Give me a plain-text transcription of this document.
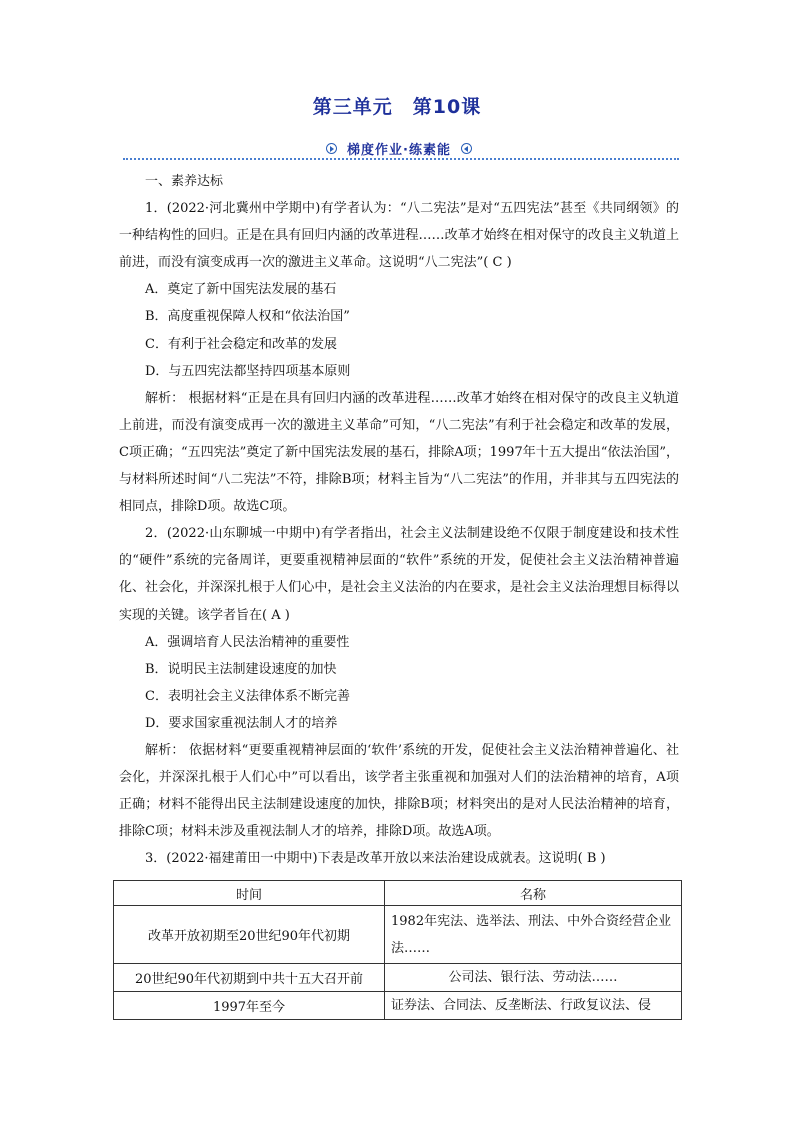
第三单元　第10课
梯度作业·练素能

一、素养达标

1．(2022·河北冀州中学期中)有学者认为：“八二宪法”是对“五四宪法”甚至《共同纲领》的一种结构性的回归。正是在具有回归内涵的改革进程……改革才始终在相对保守的改良主义轨道上前进，而没有演变成再一次的激进主义革命。这说明“八二宪法”( C )

A．奠定了新中国宪法发展的基石

B．高度重视保障人权和“依法治国”

C．有利于社会稳定和改革的发展

D．与五四宪法都坚持四项基本原则

解析： 根据材料“正是在具有回归内涵的改革进程……改革才始终在相对保守的改良主义轨道上前进，而没有演变成再一次的激进主义革命”可知，“八二宪法”有利于社会稳定和改革的发展，C项正确；“五四宪法”奠定了新中国宪法发展的基石，排除A项；1997年十五大提出“依法治国”，与材料所述时间“八二宪法”不符，排除B项；材料主旨为“八二宪法”的作用，并非其与五四宪法的相同点，排除D项。故选C项。

2．(2022·山东聊城一中期中)有学者指出，社会主义法制建设绝不仅限于制度建设和技术性的“硬件”系统的完备周详，更要重视精神层面的“软件”系统的开发，促使社会主义法治精神普遍化、社会化，并深深扎根于人们心中，是社会主义法治的内在要求，是社会主义法治理想目标得以实现的关键。该学者旨在( A )

A．强调培育人民法治精神的重要性

B．说明民主法制建设速度的加快

C．表明社会主义法律体系不断完善

D．要求国家重视法制人才的培养

解析： 依据材料“更要重视精神层面的‘软件’系统的开发，促使社会主义法治精神普遍化、社会化，并深深扎根于人们心中”可以看出，该学者主张重视和加强对人们的法治精神的培育，A项正确；材料不能得出民主法制建设速度的加快，排除B项；材料突出的是对人民法治精神的培育，排除C项；材料未涉及重视法制人才的培养，排除D项。故选A项。

3．(2022·福建莆田一中期中)下表是改革开放以来法治建设成就表。这说明( B )

时间	名称
改革开放初期至20世纪90年代初期	1982年宪法、选举法、刑法、中外合资经营企业法……
20世纪90年代初期到中共十五大召开前	公司法、银行法、劳动法……
1997年至今	证券法、合同法、反垄断法、行政复议法、侵
